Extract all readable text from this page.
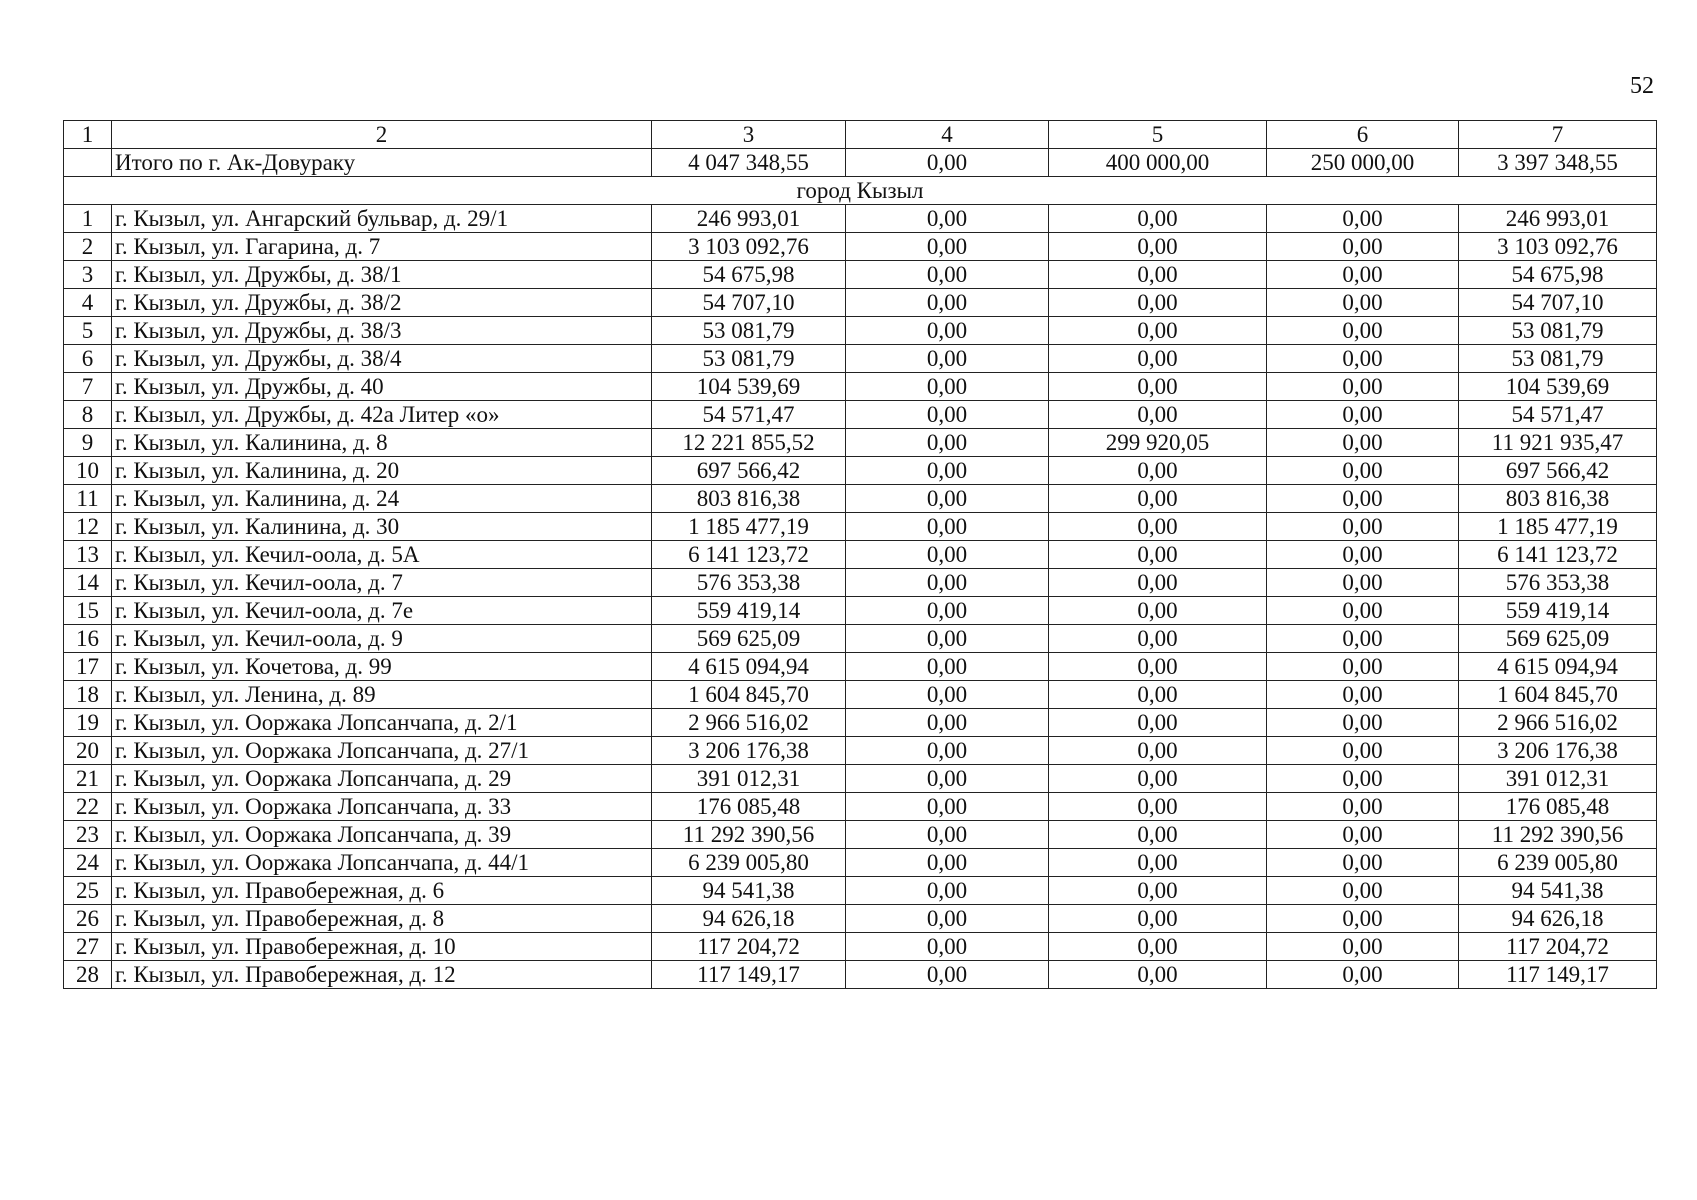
52
1	2	3	4	5	6	7
	Итого по г. Ак-Довураку	4 047 348,55	0,00	400 000,00	250 000,00	3 397 348,55
город Кызыл						
1	г. Кызыл, ул. Ангарский бульвар, д. 29/1	246 993,01	0,00	0,00	0,00	246 993,01
2	г. Кызыл, ул. Гагарина, д. 7	3 103 092,76	0,00	0,00	0,00	3 103 092,76
3	г. Кызыл, ул. Дружбы, д. 38/1	54 675,98	0,00	0,00	0,00	54 675,98
4	г. Кызыл, ул. Дружбы, д. 38/2	54 707,10	0,00	0,00	0,00	54 707,10
5	г. Кызыл, ул. Дружбы, д. 38/3	53 081,79	0,00	0,00	0,00	53 081,79
6	г. Кызыл, ул. Дружбы, д. 38/4	53 081,79	0,00	0,00	0,00	53 081,79
7	г. Кызыл, ул. Дружбы, д. 40	104 539,69	0,00	0,00	0,00	104 539,69
8	г. Кызыл, ул. Дружбы, д. 42а Литер «о»	54 571,47	0,00	0,00	0,00	54 571,47
9	г. Кызыл, ул. Калинина, д. 8	12 221 855,52	0,00	299 920,05	0,00	11 921 935,47
10	г. Кызыл, ул. Калинина, д. 20	697 566,42	0,00	0,00	0,00	697 566,42
11	г. Кызыл, ул. Калинина, д. 24	803 816,38	0,00	0,00	0,00	803 816,38
12	г. Кызыл, ул. Калинина, д. 30	1 185 477,19	0,00	0,00	0,00	1 185 477,19
13	г. Кызыл, ул. Кечил-оола, д. 5А	6 141 123,72	0,00	0,00	0,00	6 141 123,72
14	г. Кызыл, ул. Кечил-оола, д. 7	576 353,38	0,00	0,00	0,00	576 353,38
15	г. Кызыл, ул. Кечил-оола, д. 7е	559 419,14	0,00	0,00	0,00	559 419,14
16	г. Кызыл, ул. Кечил-оола, д. 9	569 625,09	0,00	0,00	0,00	569 625,09
17	г. Кызыл, ул. Кочетова, д. 99	4 615 094,94	0,00	0,00	0,00	4 615 094,94
18	г. Кызыл, ул. Ленина, д. 89	1 604 845,70	0,00	0,00	0,00	1 604 845,70
19	г. Кызыл, ул. Ооржака Лопсанчапа, д. 2/1	2 966 516,02	0,00	0,00	0,00	2 966 516,02
20	г. Кызыл, ул. Ооржака Лопсанчапа, д. 27/1	3 206 176,38	0,00	0,00	0,00	3 206 176,38
21	г. Кызыл, ул. Ооржака Лопсанчапа, д. 29	391 012,31	0,00	0,00	0,00	391 012,31
22	г. Кызыл, ул. Ооржака Лопсанчапа, д. 33	176 085,48	0,00	0,00	0,00	176 085,48
23	г. Кызыл, ул. Ооржака Лопсанчапа, д. 39	11 292 390,56	0,00	0,00	0,00	11 292 390,56
24	г. Кызыл, ул. Ооржака Лопсанчапа, д. 44/1	6 239 005,80	0,00	0,00	0,00	6 239 005,80
25	г. Кызыл, ул. Правобережная, д. 6	94 541,38	0,00	0,00	0,00	94 541,38
26	г. Кызыл, ул. Правобережная, д. 8	94 626,18	0,00	0,00	0,00	94 626,18
27	г. Кызыл, ул. Правобережная, д. 10	117 204,72	0,00	0,00	0,00	117 204,72
28	г. Кызыл, ул. Правобережная, д. 12	117 149,17	0,00	0,00	0,00	117 149,17
